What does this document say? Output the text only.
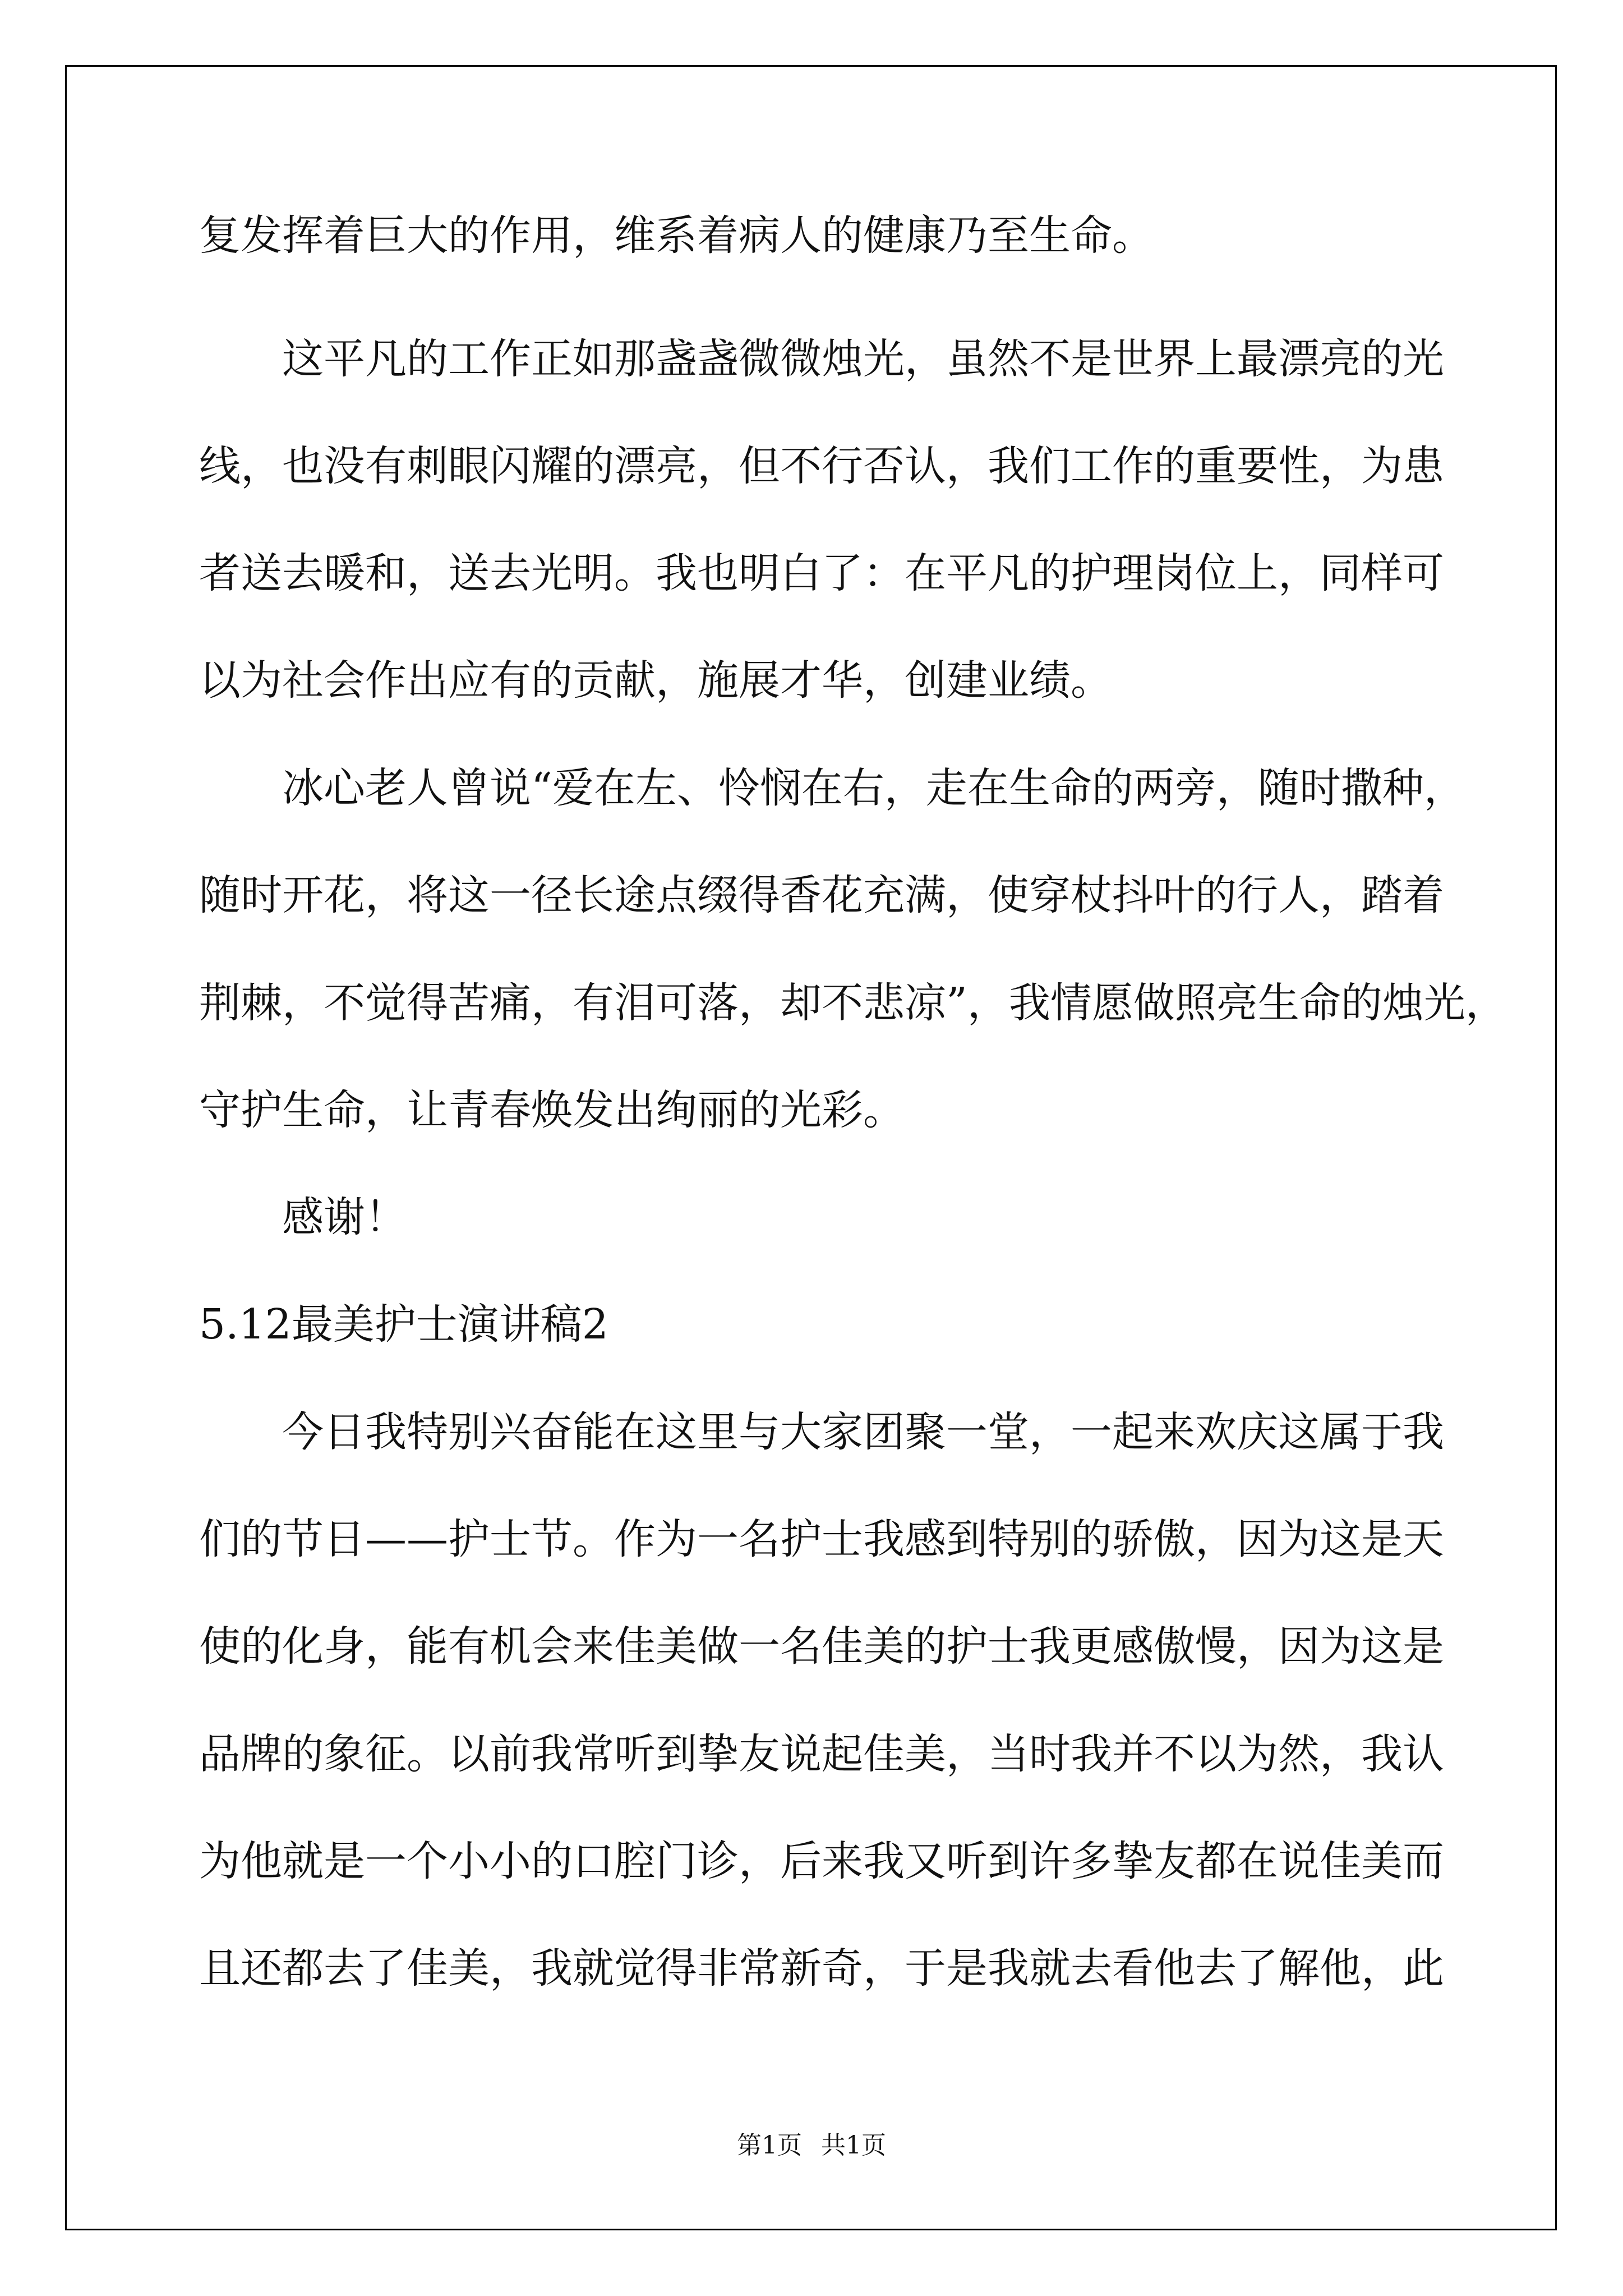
复发挥着巨大的作用，维系着病人的健康乃至生命。
这平凡的工作正如那盏盏微微烛光，虽然不是世界上最漂亮的光
线，也没有刺眼闪耀的漂亮，但不行否认，我们工作的重要性，为患
者送去暖和，送去光明。我也明白了：在平凡的护理岗位上，同样可
以为社会作出应有的贡献，施展才华，创建业绩。
冰心老人曾说“爱在左、怜悯在右，走在生命的两旁，随时撒种，
随时开花，将这一径长途点缀得香花充满，使穿杖抖叶的行人，踏着
荆棘，不觉得苦痛，有泪可落，却不悲凉”，我情愿做照亮生命的烛光，
守护生命，让青春焕发出绚丽的光彩。
感谢！
5.12最美护士演讲稿2
今日我特别兴奋能在这里与大家团聚一堂，一起来欢庆这属于我
们的节日——护士节。作为一名护士我感到特别的骄傲，因为这是天
使的化身，能有机会来佳美做一名佳美的护士我更感傲慢，因为这是
品牌的象征。以前我常听到挚友说起佳美，当时我并不以为然，我认
为他就是一个小小的口腔门诊，后来我又听到许多挚友都在说佳美而
且还都去了佳美，我就觉得非常新奇，于是我就去看他去了解他，此
第1页 共1页
